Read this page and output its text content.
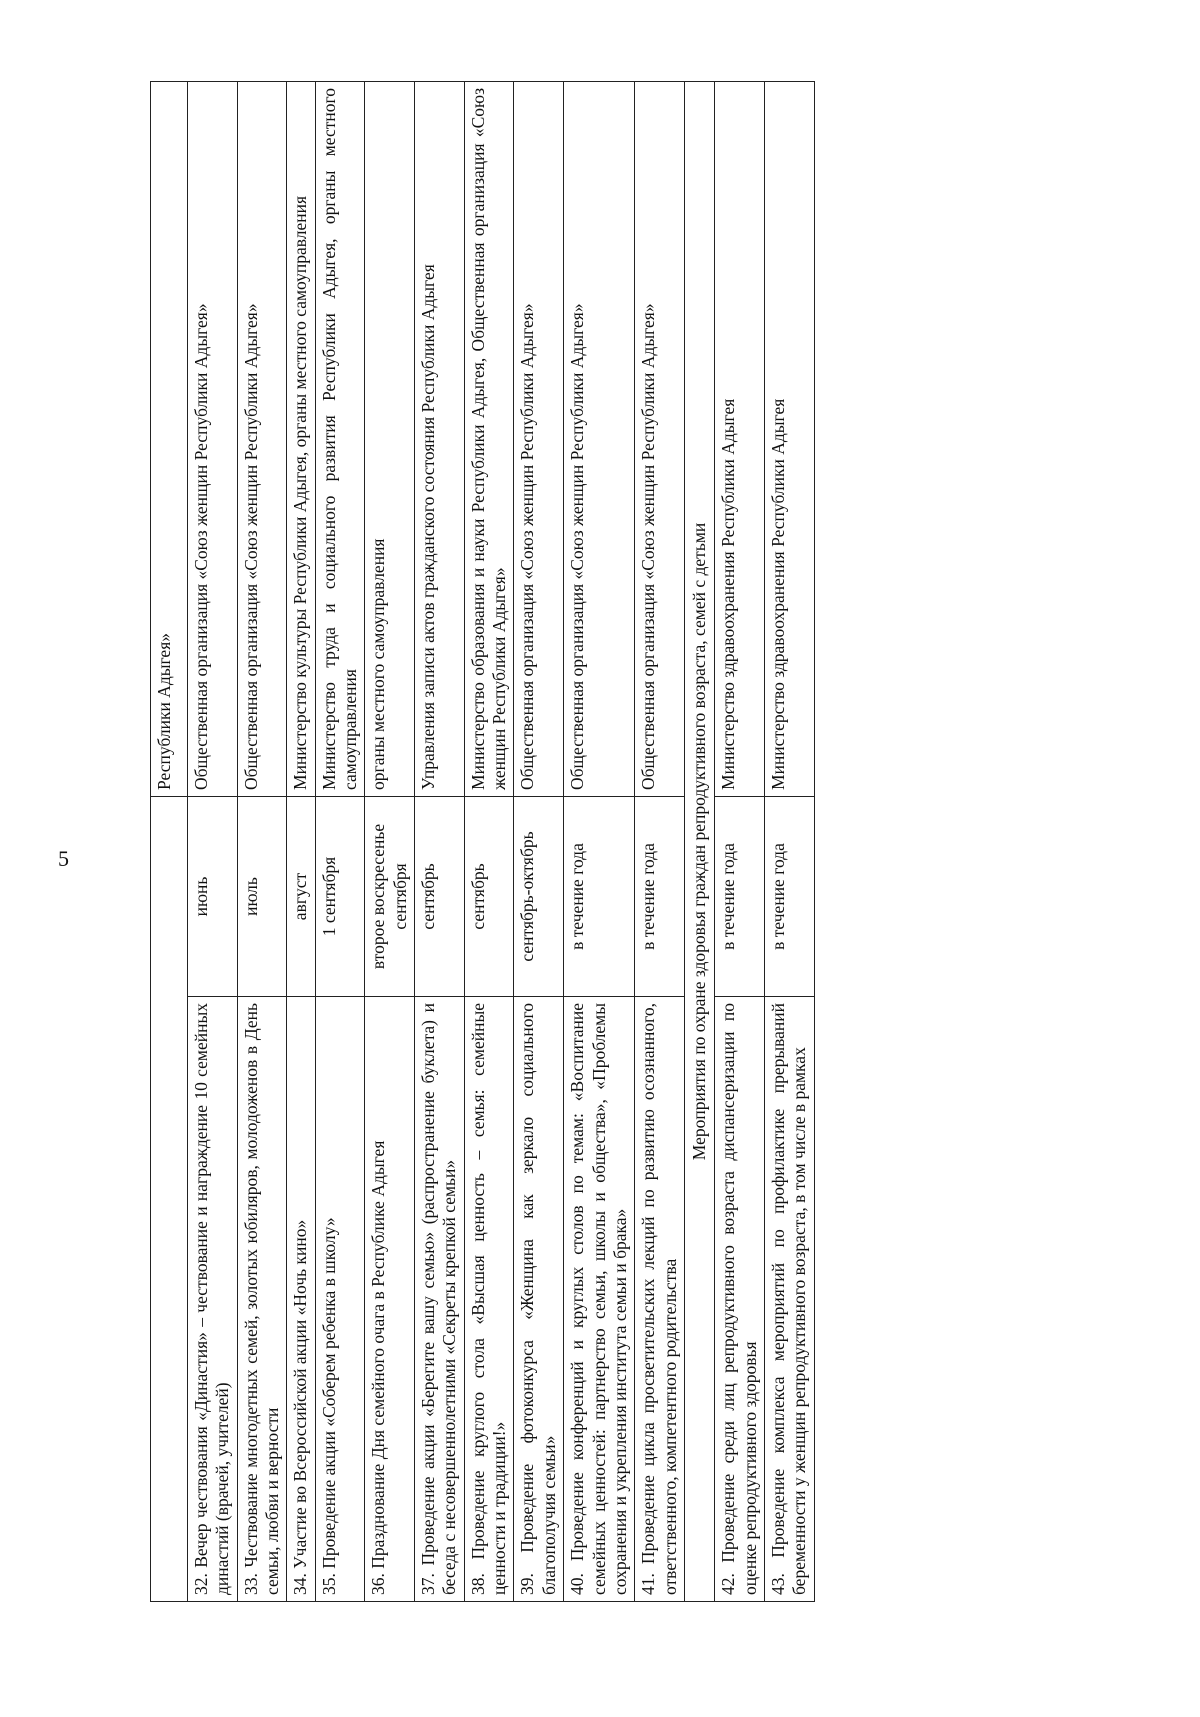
5
		Республики Адыгея»
32. Вечер чествования «Династия» – чествование и награждение 10 семейных династий (врачей, учителей)	июнь	Общественная организация «Союз женщин Республики Адыгея»
33. Чествование многодетных семей, золотых юбиляров, молодоженов в День семьи, любви и верности	июль	Общественная организация «Союз женщин Республики Адыгея»
34. Участие во Всероссийской акции «Ночь кино»	август	Министерство культуры Республики Адыгея, органы местного самоуправления
35. Проведение акции «Соберем ребенка в школу»	1 сентября	Министерство труда и социального развития Республики Адыгея, органы местного самоуправления
36. Празднование Дня семейного очага в Республике Адыгея	второе воскресенье сентября	органы местного самоуправления
37. Проведение акции «Берегите вашу семью» (распространение буклета) и беседа с несовершеннолетними «Секреты крепкой семьи»	сентябрь	Управления записи актов гражданского состояния Республики Адыгея
38. Проведение круглого стола «Высшая ценность – семья: семейные ценности и традиции!»	сентябрь	Министерство образования и науки Республики Адыгея, Общественная организация «Союз женщин Республики Адыгея»
39. Проведение фотоконкурса «Женщина как зеркало социального благополучия семьи»	сентябрь-октябрь	Общественная организация «Союз женщин Республики Адыгея»
40. Проведение конференций и круглых столов по темам: «Воспитание семейных ценностей: партнерство семьи, школы и общества», «Проблемы сохранения и укрепления института семьи и брака»	в течение года	Общественная организация «Союз женщин Республики Адыгея»
41. Проведение цикла просветительских лекций по развитию осознанного, ответственного, компетентного родительства	в течение года	Общественная организация «Союз женщин Республики Адыгея»
Мероприятия по охране здоровья граждан репродуктивного возраста, семей с детьми		
42. Проведение среди лиц репродуктивного возраста диспансеризации по оценке репродуктивного здоровья	в течение года	Министерство здравоохранения Республики Адыгея
43. Проведение комплекса мероприятий по профилактике прерываний беременности у женщин репродуктивного возраста, в том числе в рамках	в течение года	Министерство здравоохранения Республики Адыгея
